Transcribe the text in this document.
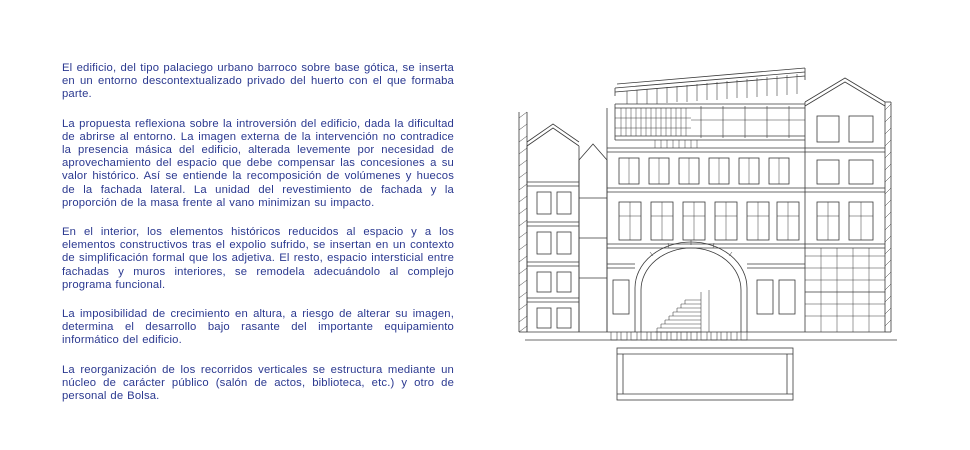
El edificio, del tipo palaciego urbano barroco sobre base gótica, se inserta en un entorno descontextualizado privado del huerto con el que formaba parte.

La propuesta reflexiona sobre la introversión del edificio, dada la dificultad de abrirse al entorno. La imagen externa de la intervención no contradice la presencia másica del edificio, alterada levemente por necesidad de aprovechamiento del espacio que debe compensar las concesiones a su valor histórico. Así se entiende la recomposición de volúmenes y huecos de la fachada lateral. La unidad del revestimiento de fachada y la proporción de la masa frente al vano minimizan su impacto.

En el interior, los elementos históricos reducidos al espacio y a los elementos constructivos tras el expolio sufrido, se insertan en un contexto de simplificación formal que los adjetiva. El resto, espacio intersticial entre fachadas y muros interiores, se remodela adecuándolo al complejo programa funcional.

La imposibilidad de crecimiento en altura, a riesgo de alterar su imagen, determina el desarrollo bajo rasante del importante equipamiento informático del edificio.

La reorganización de los recorridos verticales se estructura mediante un núcleo de carácter público (salón de actos, biblioteca, etc.) y otro de personal de Bolsa.
